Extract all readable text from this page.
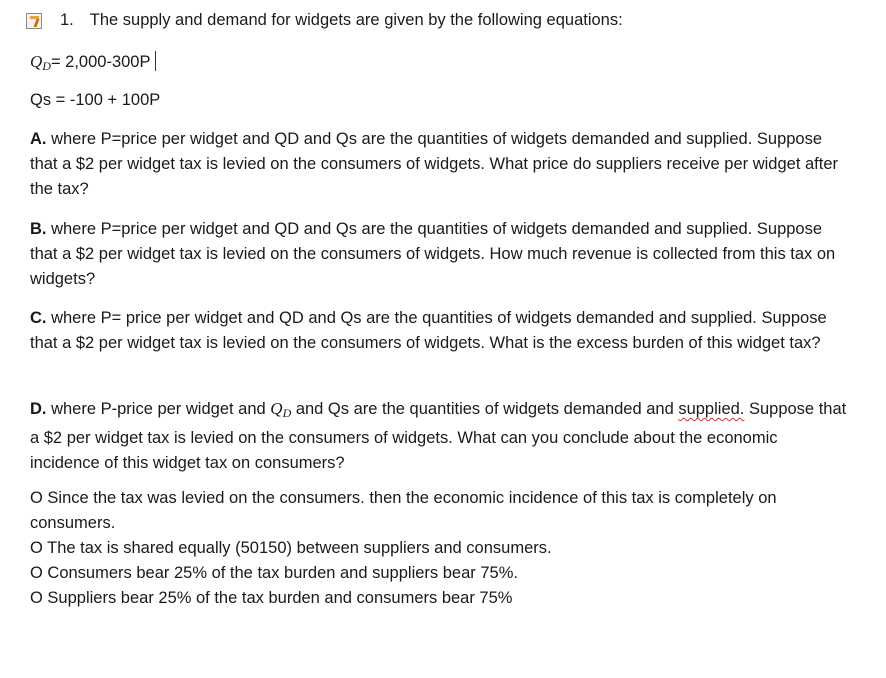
1. The supply and demand for widgets are given by the following equations:
$Q_D= 2,000-300P$
Qs = -100 + 100P
A. where P=price per widget and QD and Qs are the quantities of widgets demanded and supplied. Suppose that a $2 per widget tax is levied on the consumers of widgets. What price do suppliers receive per widget after the tax?
B. where P=price per widget and QD and Qs are the quantities of widgets demanded and supplied. Suppose that a $2 per widget tax is levied on the consumers of widgets. How much revenue is collected from this tax on widgets?
C. where P= price per widget and QD and Qs are the quantities of widgets demanded and supplied. Suppose that a $2 per widget tax is levied on the consumers of widgets. What is the excess burden of this widget tax?
D. where P-price per widget and $Q_D$ and Qs are the quantities of widgets demanded and supplied. Suppose that a $2 per widget tax is levied on the consumers of widgets. What can you conclude about the economic incidence of this widget tax on consumers?
O Since the tax was levied on the consumers. then the economic incidence of this tax is completely on consumers.
O The tax is shared equally (50150) between suppliers and consumers.
O Consumers bear 25% of the tax burden and suppliers bear 75%.
O Suppliers bear 25% of the tax burden and consumers bear 75%
